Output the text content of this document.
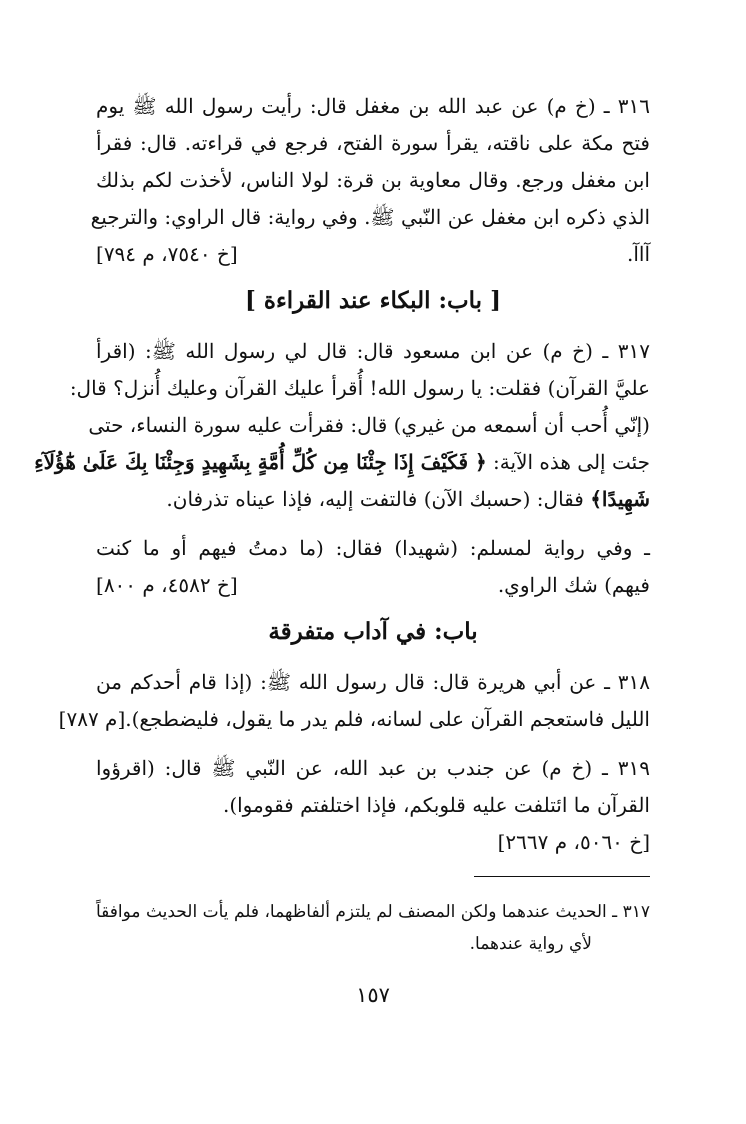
٣١٦ ـ (خ م) عن عبد الله بن مغفل قال: رأيت رسول الله ﷺ يوم
فتح مكة على ناقته، يقرأ سورة الفتح، فرجع في قراءته. قال: فقرأ
ابن مغفل ورجع. وقال معاوية بن قرة: لولا الناس، لأخذت لكم بذلك
الذي ذكره ابن مغفل عن النّبي ﷺ. وفي رواية: قال الراوي: والترجيع
آاآ.
[خ ٧٥٤٠، م ٧٩٤]
[ باب: البكاء عند القراءة ]
٣١٧ ـ (خ م) عن ابن مسعود قال: قال لي رسول الله ﷺ: (اقرأ
عليَّ القرآن) فقلت: يا رسول الله! أُقرأ عليك القرآن وعليك أُنزل؟ قال:
(إنّي أُحب أن أسمعه من غيري) قال: فقرأت عليه سورة النساء، حتى
جئت إلى هذه الآية: ﴿ فَكَيْفَ إِذَا جِئْنَا مِن كُلِّ أُمَّةٍ بِشَهِيدٍ وَجِئْنَا بِكَ عَلَىٰ هَٰٓؤُلَآءِ
شَهِيدًا﴾ فقال: (حسبك الآن) فالتفت إليه، فإذا عيناه تذرفان.
ـ وفي رواية لمسلم: (شهيدا) فقال: (ما دمتُ فيهم أو ما كنت
فيهم) شك الراوي.
[خ ٤٥٨٢، م ٨٠٠]
باب: في آداب متفرقة
٣١٨ ـ عن أبي هريرة قال: قال رسول الله ﷺ: (إذا قام أحدكم من
الليل فاستعجم القرآن على لسانه، فلم يدر ما يقول، فليضطجع).
[م ٧٨٧]
٣١٩ ـ (خ م) عن جندب بن عبد الله، عن النّبي ﷺ قال: (اقرؤوا
القرآن ما ائتلفت عليه قلوبكم، فإذا اختلفتم فقوموا).
[خ ٥٠٦٠، م ٢٦٦٧]
٣١٧ ـ الحديث عندهما ولكن المصنف لم يلتزم ألفاظهما، فلم يأت الحديث موافقاً
لأي رواية عندهما.
١٥٧
